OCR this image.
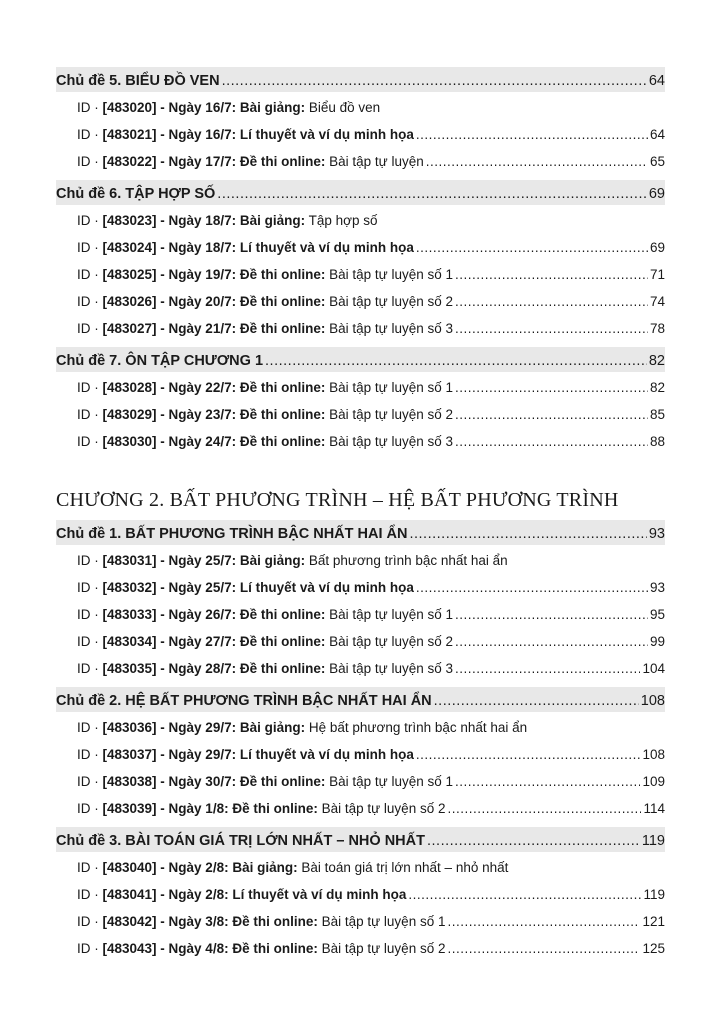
Chủ đề 5. BIỂU ĐỒ VEN .....	64
ID · [483020] - Ngày 16/7: Bài giảng: Biểu đồ ven
ID · [483021] - Ngày 16/7: Lí thuyết và ví dụ minh họa .....	64
ID · [483022] - Ngày 17/7: Đề thi online: Bài tập tự luyện .....	65
Chủ đề 6. TẬP HỢP SỐ .....	69
ID · [483023] - Ngày 18/7: Bài giảng: Tập hợp số
ID · [483024] - Ngày 18/7: Lí thuyết và ví dụ minh họa .....	69
ID · [483025] - Ngày 19/7: Đề thi online: Bài tập tự luyện số 1 .....	71
ID · [483026] - Ngày 20/7: Đề thi online: Bài tập tự luyện số 2 .....	74
ID · [483027] - Ngày 21/7: Đề thi online: Bài tập tự luyện số 3 .....	78
Chủ đề 7. ÔN TẬP CHƯƠNG 1 .....	82
ID · [483028] - Ngày 22/7: Đề thi online: Bài tập tự luyện số 1 .....	82
ID · [483029] - Ngày 23/7: Đề thi online: Bài tập tự luyện số 2 .....	85
ID · [483030] - Ngày 24/7: Đề thi online: Bài tập tự luyện số 3 .....	88
CHƯƠNG 2. BẤT PHƯƠNG TRÌNH – HỆ BẤT PHƯƠNG TRÌNH
Chủ đề 1. BẤT PHƯƠNG TRÌNH BẬC NHẤT HAI ẨN .....	93
ID · [483031] - Ngày 25/7: Bài giảng: Bất phương trình bậc nhất hai ẩn
ID · [483032] - Ngày 25/7: Lí thuyết và ví dụ minh họa .....	93
ID · [483033] - Ngày 26/7: Đề thi online: Bài tập tự luyện số 1 .....	95
ID · [483034] - Ngày 27/7: Đề thi online: Bài tập tự luyện số 2 .....	99
ID · [483035] - Ngày 28/7: Đề thi online: Bài tập tự luyện số 3 .....	104
Chủ đề 2. HỆ BẤT PHƯƠNG TRÌNH BẬC NHẤT HAI ẨN .....	108
ID · [483036] - Ngày 29/7: Bài giảng: Hệ bất phương trình bậc nhất hai ẩn
ID · [483037] - Ngày 29/7: Lí thuyết và ví dụ minh họa .....	108
ID · [483038] - Ngày 30/7: Đề thi online: Bài tập tự luyện số 1 .....	109
ID · [483039] - Ngày 1/8: Đề thi online: Bài tập tự luyện số 2 .....	114
Chủ đề 3. BÀI TOÁN GIÁ TRỊ LỚN NHẤT – NHỎ NHẤT .....	119
ID · [483040] - Ngày 2/8: Bài giảng: Bài toán giá trị lớn nhất – nhỏ nhất
ID · [483041] - Ngày 2/8: Lí thuyết và ví dụ minh họa .....	119
ID · [483042] - Ngày 3/8: Đề thi online: Bài tập tự luyện số 1 .....	121
ID · [483043] - Ngày 4/8: Đề thi online: Bài tập tự luyện số 2 .....	125
